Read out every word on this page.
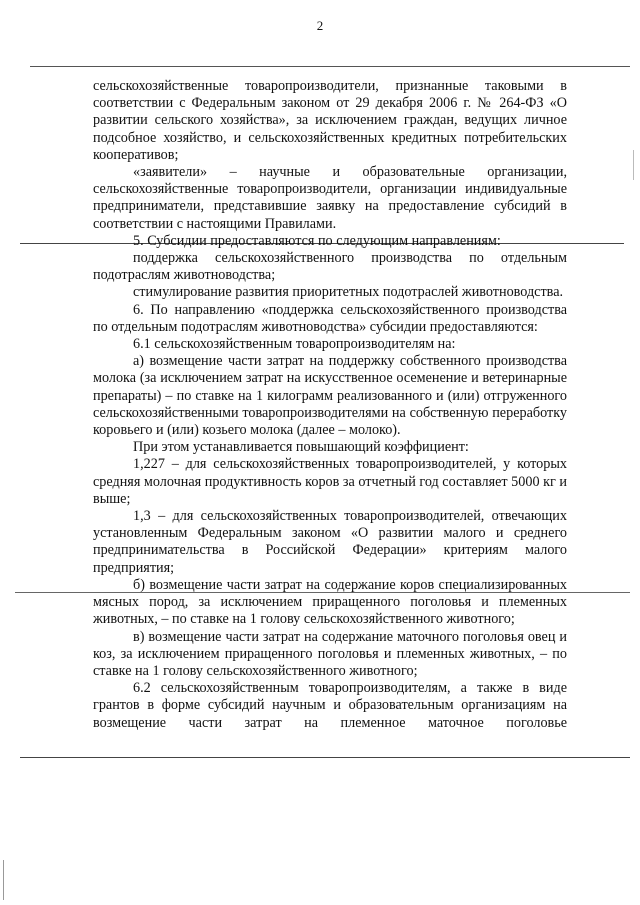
2

сельскохозяйственные товаропроизводители, признанные таковыми в соответствии с Федеральным законом от 29 декабря 2006 г. № 264-ФЗ «О развитии сельского хозяйства», за исключением граждан, ведущих личное подсобное хозяйство, и сельскохозяйственных кредитных потребительских кооперативов;

«заявители» – научные и образовательные организации, сельскохозяйственные товаропроизводители, организации индивидуальные предприниматели, представившие заявку на предоставление субсидий в соответствии с настоящими Правилами.

5. Субсидии предоставляются по следующим направлениям:

поддержка сельскохозяйственного производства по отдельным подотраслям животноводства;

стимулирование развития приоритетных подотраслей животноводства.

6. По направлению «поддержка сельскохозяйственного производства по отдельным подотраслям животноводства» субсидии предоставляются:

6.1 сельскохозяйственным товаропроизводителям на:

а) возмещение части затрат на поддержку собственного производства молока (за исключением затрат на искусственное осеменение и ветеринарные препараты) – по ставке на 1 килограмм реализованного и (или) отгруженного сельскохозяйственными товаропроизводителями на собственную переработку коровьего и (или) козьего молока (далее – молоко).

При этом устанавливается повышающий коэффициент:

1,227 – для сельскохозяйственных товаропроизводителей, у которых средняя молочная продуктивность коров за отчетный год составляет 5000 кг и выше;

1,3 – для сельскохозяйственных товаропроизводителей, отвечающих установленным Федеральным законом «О развитии малого и среднего предпринимательства в Российской Федерации» критериям малого предприятия;

б) возмещение части затрат на содержание коров специализированных мясных пород, за исключением приращенного поголовья и племенных животных, – по ставке на 1 голову сельскохозяйственного животного;

в) возмещение части затрат на содержание маточного поголовья овец и коз, за исключением приращенного поголовья и племенных животных, – по ставке на 1 голову сельскохозяйственного животного;

6.2 сельскохозяйственным товаропроизводителям, а также в виде грантов в форме субсидий научным и образовательным организациям на возмещение части затрат на племенное маточное поголовье
